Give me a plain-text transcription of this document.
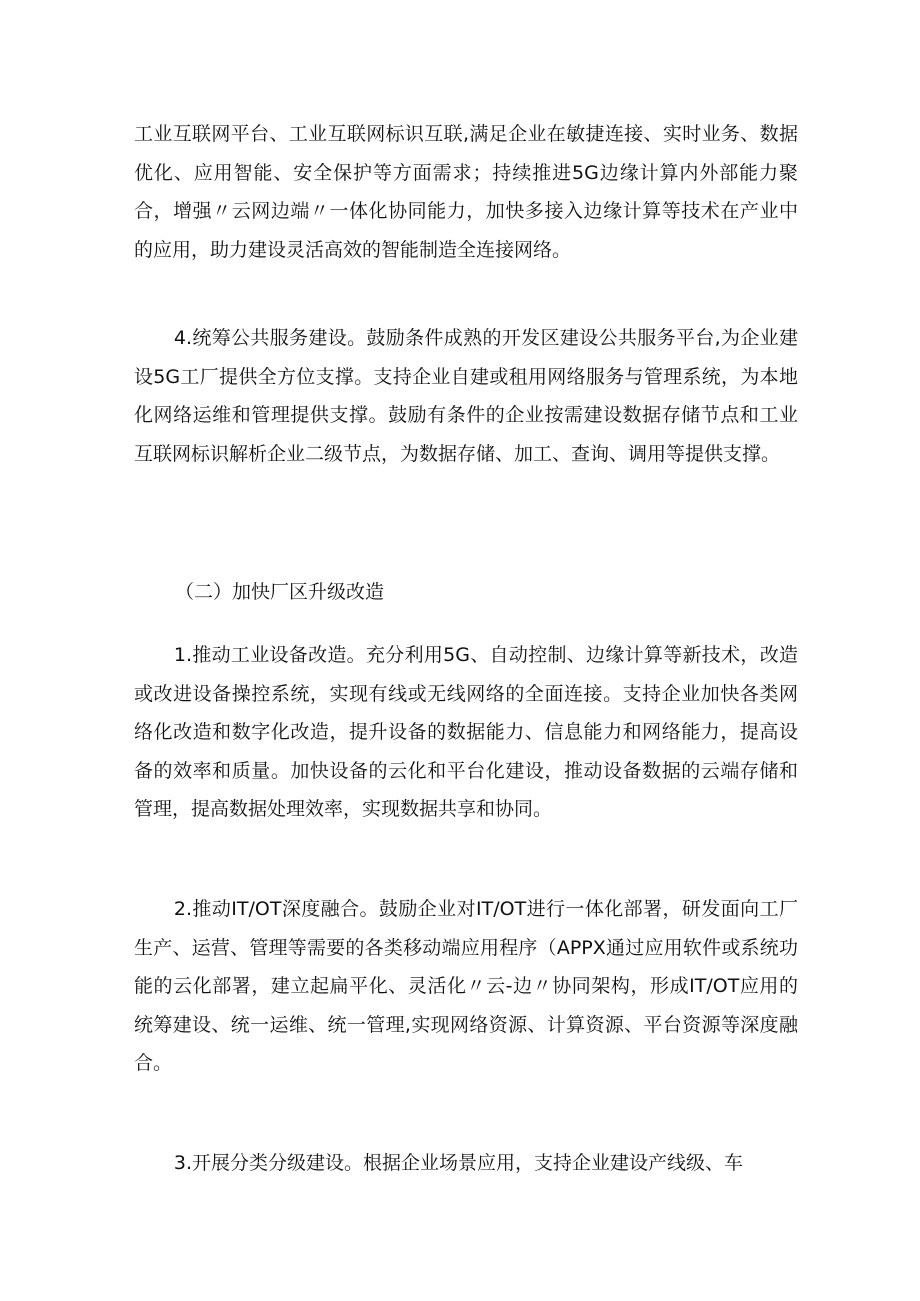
工业互联网平台、工业互联网标识互联,满足企业在敏捷连接、实时业务、数据优化、应用智能、安全保护等方面需求；持续推进5G边缘计算内外部能力聚合，增强〃云网边端〃一体化协同能力，加快多接入边缘计算等技术在产业中的应用，助力建设灵活高效的智能制造全连接网络。

4.统筹公共服务建设。鼓励条件成熟的开发区建设公共服务平台,为企业建设5G工厂提供全方位支撑。支持企业自建或租用网络服务与管理系统，为本地化网络运维和管理提供支撑。鼓励有条件的企业按需建设数据存储节点和工业互联网标识解析企业二级节点，为数据存储、加工、查询、调用等提供支撑。

（二）加快厂区升级改造

1.推动工业设备改造。充分利用5G、自动控制、边缘计算等新技术，改造或改进设备操控系统，实现有线或无线网络的全面连接。支持企业加快各类网络化改造和数字化改造，提升设备的数据能力、信息能力和网络能力，提高设备的效率和质量。加快设备的云化和平台化建设，推动设备数据的云端存储和管理，提高数据处理效率，实现数据共享和协同。

2.推动IT/OT深度融合。鼓励企业对IT/OT进行一体化部署，研发面向工厂生产、运营、管理等需要的各类移动端应用程序（APPX通过应用软件或系统功能的云化部署，建立起扁平化、灵活化〃云-边〃协同架构，形成IT/OT应用的统筹建设、统一运维、统一管理,实现网络资源、计算资源、平台资源等深度融合。

3.开展分类分级建设。根据企业场景应用，支持企业建设产线级、车
